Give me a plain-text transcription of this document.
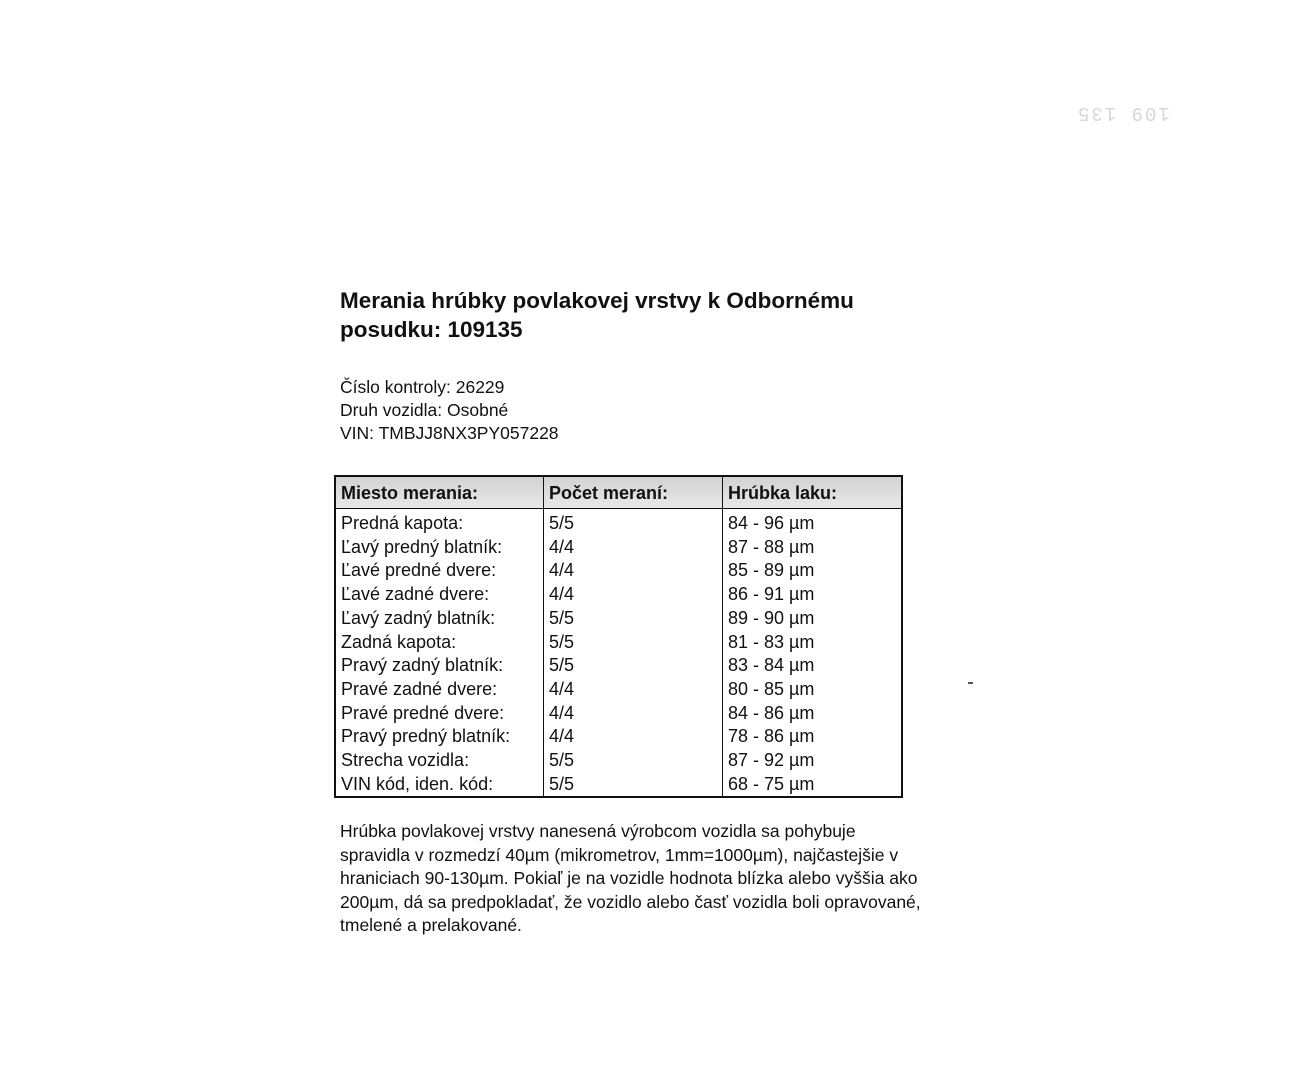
109 135
Merania hrúbky povlakovej vrstvy k Odbornému posudku: 109135
Číslo kontroly: 26229
Druh vozidla: Osobné
VIN: TMBJJ8NX3PY057228
Miesto merania:	Počet meraní:	Hrúbka laku:
Predná kapota:	5/5	84 - 96 µm
Ľavý predný blatník:	4/4	87 - 88 µm
Ľavé predné dvere:	4/4	85 - 89 µm
Ľavé zadné dvere:	4/4	86 - 91 µm
Ľavý zadný blatník:	5/5	89 - 90 µm
Zadná kapota:	5/5	81 - 83 µm
Pravý zadný blatník:	5/5	83 - 84 µm
Pravé zadné dvere:	4/4	80 - 85 µm
Pravé predné dvere:	4/4	84 - 86 µm
Pravý predný blatník:	4/4	78 - 86 µm
Strecha vozidla:	5/5	87 - 92 µm
VIN kód, iden. kód:	5/5	68 - 75 µm

Hrúbka povlakovej vrstvy nanesená výrobcom vozidla sa pohybuje spravidla v rozmedzí 40µm (mikrometrov, 1mm=1000µm), najčastejšie v hraniciach 90-130µm. Pokiaľ je na vozidle hodnota blízka alebo vyššia ako 200µm, dá sa predpokladať, že vozidlo alebo časť vozidla boli opravované, tmelené a prelakované.
